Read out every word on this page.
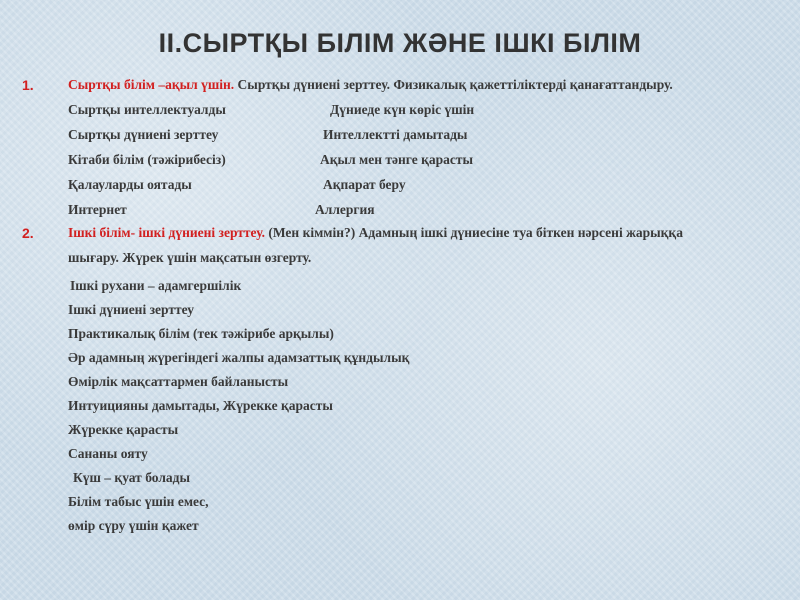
II.СЫРТҚЫ БІЛІМ ЖӘНЕ ІШКІ БІЛІМ
1.	Сыртқы білім –ақыл үшін. Сыртқы дүниені зерттеу. Физикалық қажеттіліктерді қанағаттандыру.
Сыртқы интеллектуалды	Дүниеде күн көріс үшін
Сыртқы дүниені зерттеу	Интеллектті дамытады
Кітаби білім (тәжірибесіз)	Ақыл мен тәнге қарасты
Қалауларды оятады	Ақпарат беру
Интернет	Аллергия
2.	Ішкі білім- ішкі дүниені зерттеу. (Мен кіммін?) Адамның ішкі дүниесіне туа біткен нәрсені жарыққа
шығару. Жүрек үшін мақсатын өзгерту.
Ішкі рухани – адамгершілік
Ішкі дүниені зерттеу
Практикалық білім (тек тәжірибе арқылы)
Әр адамның жүрегіндегі жалпы адамзаттық құндылық
Өмірлік мақсаттармен байланысты
Интуицияны дамытады, Жүрекке қарасты
Жүрекке қарасты
Сананы ояту
Күш – қуат болады
Білім табыс үшін емес,
өмір сүру үшін қажет
